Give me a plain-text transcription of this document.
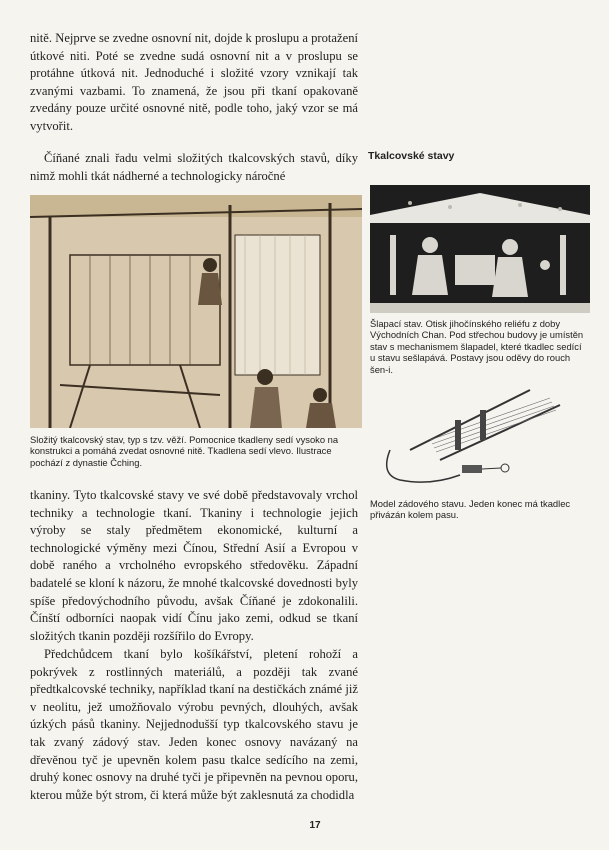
nitě. Nejprve se zvedne osnovní nit, dojde k proslupu a protažení útkové niti. Poté se zvedne sudá osnovní nit a v proslupu se protáhne útková nit. Jednoduché i složité vzory vznikají tak zvanými vazbami. To znamená, že jsou při tkaní opakovaně zvedány pouze určité osnovné nitě, podle toho, jaký vzor se má vytvořit.

Číňané znali řadu velmi složitých tkalcovských stavů, díky nimž mohli tkát nádherné a technologicky náročné

Tkalcovské stavy

Složitý tkalcovský stav, typ s tzv. věží. Pomocnice tkadleny sedí vysoko na konstrukci a pomáhá zvedat osnovné nitě. Tkadlena sedí vlevo. Ilustrace pochází z dynastie Čching.

Šlapací stav. Otisk jihočínského reliéfu z doby Východních Chan. Pod střechou budovy je umístěn stav s mechanismem šlapadel, které tkadlec sedící u stavu sešlapává. Postavy jsou oděvy do rouch šen-i.

Model zádového stavu. Jeden konec má tkadlec přivázán kolem pasu.

tkaniny. Tyto tkalcovské stavy ve své době představovaly vrchol techniky a technologie tkaní. Tkaniny i technologie jejich výroby se staly předmětem ekonomické, kulturní a technologické výměny mezi Čínou, Střední Asií a Evropou v době raného a vrcholného evropského středověku. Západní badatelé se kloní k názoru, že mnohé tkalcovské dovednosti byly spíše předovýchodního původu, avšak Číňané je zdokonalili. Čínští odborníci naopak vidí Čínu jako zemi, odkud se tkaní složitých tkanin později rozšířilo do Evropy.

Předchůdcem tkaní bylo košíkářství, pletení rohoží a pokrývek z rostlinných materiálů, a později tak zvané předtkalcovské techniky, například tkaní na destičkách známé již v neolitu, jež umožňovalo výrobu pevných, dlouhých, avšak úzkých pásů tkaniny. Nejjednodušší typ tkalcovského stavu je tak zvaný zádový stav. Jeden konec osnovy navázaný na dřevěnou tyč je upevněn kolem pasu tkalce sedícího na zemi, druhý konec osnovy na druhé tyči je připevněn na pevnou oporu, kterou může být strom, či která může být zaklesnutá za chodidla

17
